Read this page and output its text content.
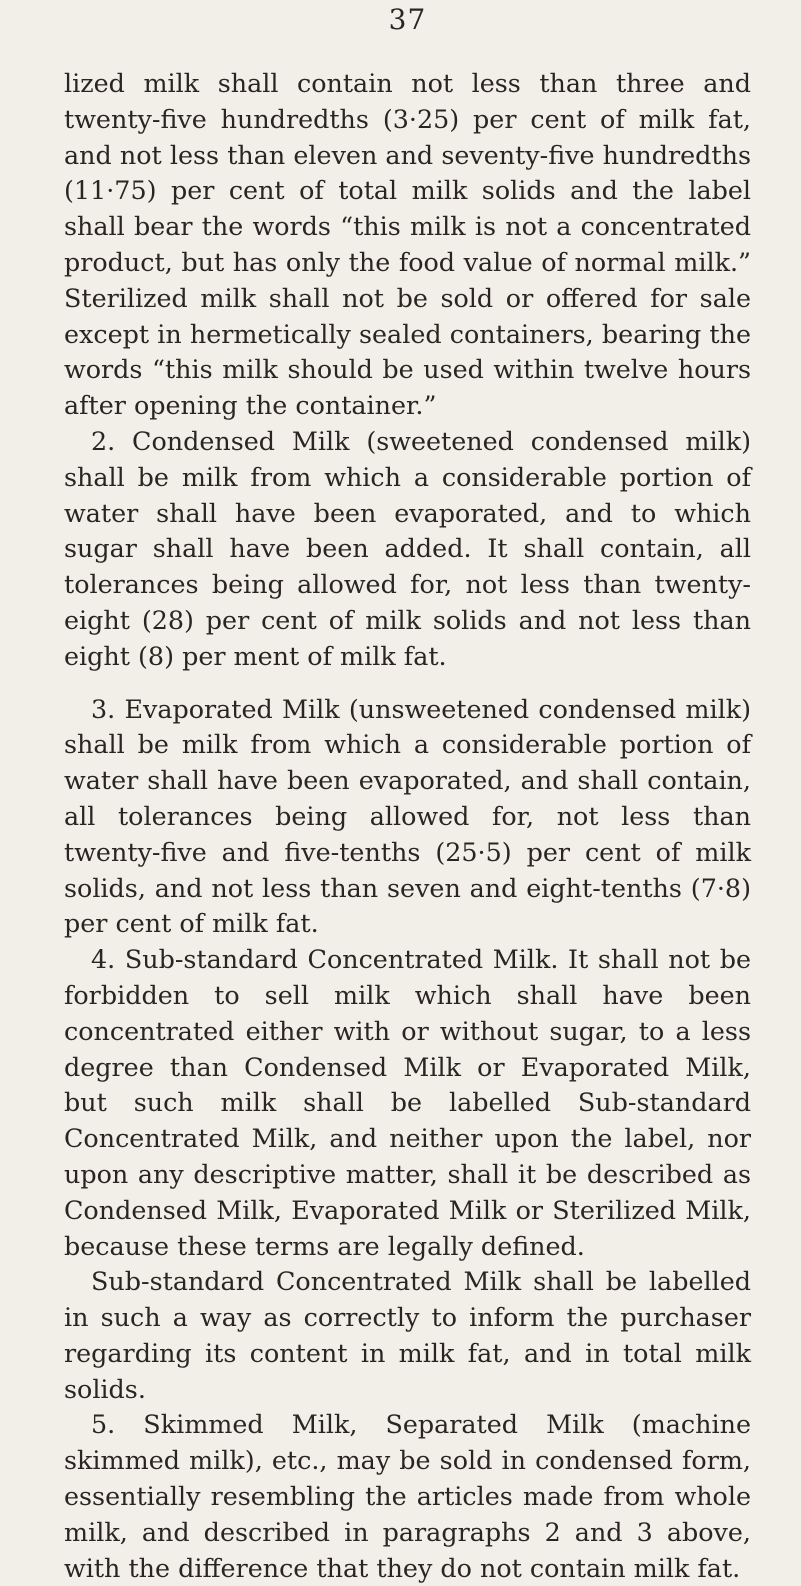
37

lized milk shall contain not less than three and twenty-five hundredths (3·25) per cent of milk fat, and not less than eleven and seventy-five hundredths (11·75) per cent of total milk solids and the label shall bear the words “this milk is not a concentrated product, but has only the food value of normal milk.” Sterilized milk shall not be sold or offered for sale except in hermetically sealed containers, bearing the words “this milk should be used within twelve hours after opening the container.”

2. Condensed Milk (sweetened condensed milk) shall be milk from which a considerable portion of water shall have been evaporated, and to which sugar shall have been added. It shall contain, all tolerances being allowed for, not less than twenty-eight (28) per cent of milk solids and not less than eight (8) per ment of milk fat.

3. Evaporated Milk (unsweetened condensed milk) shall be milk from which a considerable portion of water shall have been evaporated, and shall contain, all tolerances being allowed for, not less than twenty-five and five-tenths (25·5) per cent of milk solids, and not less than seven and eight-tenths (7·8) per cent of milk fat.

4. Sub-standard Concentrated Milk. It shall not be forbidden to sell milk which shall have been concentrated either with or without sugar, to a less degree than Condensed Milk or Evaporated Milk, but such milk shall be labelled Sub-standard Concentrated Milk, and neither upon the label, nor upon any descriptive matter, shall it be described as Condensed Milk, Evaporated Milk or Sterilized Milk, because these terms are legally defined.

Sub-standard Concentrated Milk shall be labelled in such a way as correctly to inform the purchaser regarding its content in milk fat, and in total milk solids.

5. Skimmed Milk, Separated Milk (machine skimmed milk), etc., may be sold in condensed form, essentially resembling the articles made from whole milk, and described in paragraphs 2 and 3 above, with the difference that they do not contain milk fat.
